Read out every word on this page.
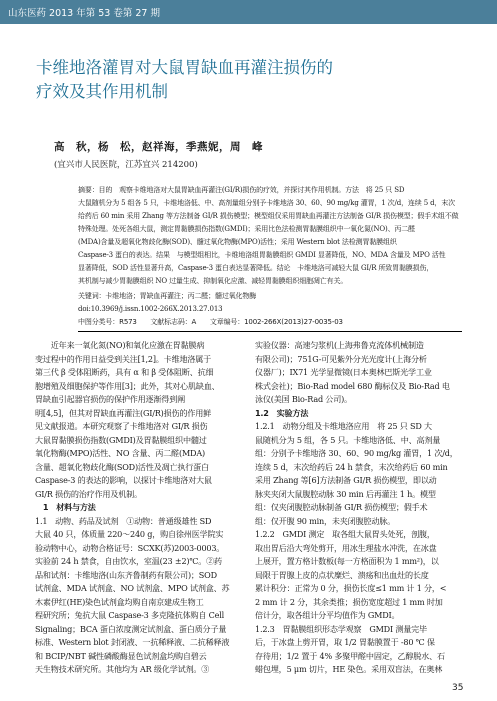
山东医药 2013 年第 53 卷第 27 期
卡维地洛灌胃对大鼠胃缺血再灌注损伤的
疗效及其作用机制
高　秋，杨　松，赵祥海，季燕妮，周　峰
(宜兴市人民医院，江苏宜兴 214200)
摘要：目的　观察卡维地洛对大鼠胃缺血再灌注(GI/R)损伤的疗效，并探讨其作用机制。方法　将 25 只 SD
大鼠随机分为 5 组各 5 只，卡维地洛低、中、高剂量组分别予卡维地洛 30、60、90 mg/kg 灌胃，1 次/d，连续 5 d，末次
给药后 60 min 采用 Zhang 等方法制备 GI/R 损伤模型；模型组仅采用胃缺血再灌注方法制备 GI/R 损伤模型；假手术组不做
特殊处理。处死各组大鼠，测定胃黏膜损伤指数(GMDI)；采用比色法检测胃黏膜组织中一氧化氮(NO)、丙二醛
(MDA)含量及超氧化物歧化酶(SOD)、髓过氧化物酶(MPO)活性；采用 Western blot 法检测胃黏膜组织
Caspase-3 蛋白的表达。结果　与模型组相比，卡维地洛组胃黏膜组织 GMDI 显著降低，NO、MDA 含量及 MPO 活性
显著降低，SOD 活性显著升高，Caspase-3 蛋白表达显著降低。结论　卡维地洛可减轻大鼠 GI/R 所致胃黏膜损伤，
其机制与减少胃黏膜组织 NO 过量生成、抑制氧化应激、减轻胃黏膜组织细胞凋亡有关。
关键词：卡维地洛；胃缺血再灌注；丙二醛；髓过氧化物酶
doi:10.3969/j.issn.1002-266X.2013.27.013
中图分类号：R573　　文献标志码：A　　文章编号：1002-266X(2013)27-0035-03
　　近年来一氧化氮(NO)和氧化应激在胃黏膜病
变过程中的作用日益受到关注[1,2]。卡维地洛属于
第三代 β 受体阻断药，具有 α 和 β 受体阻断、抗细
胞增殖及细胞保护等作用[3]；此外，其对心肌缺血、
胃缺血引起器官损伤的保护作用逐渐得到阐
明[4,5]，但其对胃缺血再灌注(GI/R)损伤的作用鲜
见文献报道。本研究观察了卡维地洛对 GI/R 损伤
大鼠胃黏膜损伤指数(GMDI)及胃黏膜组织中髓过
氧化物酶(MPO)活性、NO 含量、丙二醛(MDA)
含量、超氧化物歧化酶(SOD)活性及凋亡执行蛋白
Caspase-3 的表达的影响，以探讨卡维地洛对大鼠
GI/R 损伤的治疗作用及机制。
　1　材料与方法
1.1　动物、药品及试剂　①动物：普通级雄性 SD
大鼠 40 只，体质量 220～240 g，购自徐州医学院实
验动物中心，动物合格证号：SCXK(苏)2003-0003。
实验前 24 h 禁食，自由饮水，室温(23 ±2)℃。②药
品和试剂：卡维地洛(山东齐鲁制药有限公司)；SOD
试剂盒、MDA 试剂盒、NO 试剂盒、MPO 试剂盒、苏
木素伊红(HE)染色试剂盒均购自南京建成生物工
程研究所；兔抗大鼠 Caspase-3 多克隆抗体购自 Cell
Signaling；BCA 蛋白浓度测定试剂盒、蛋白质分子量
标准、Western blot 封闭液、一抗稀释液、二抗稀释液
和 BCIP/NBT 碱性磷酸酶显色试剂盒均购自碧云
天生物技术研究所。其他均为 AR 级化学试剂。③
实验仪器：高速匀浆机(上海弗鲁克流体机械制造
有限公司)；751G-可见紫外分光光度计(上海分析
仪器厂)；IX71 光学显微镜(日本奥林巴斯光学工业
株式会社)；Bio-Rad model 680 酶标仪及 Bio-Rad 电
泳仪(美国 Bio-Rad 公司)。
1.2　实验方法
1.2.1　动物分组及卡维地洛应用　将 25 只 SD 大
鼠随机分为 5 组，各 5 只。卡维地洛低、中、高剂量
组：分别予卡维地洛 30、60、90 mg/kg 灌胃，1 次/d，
连续 5 d，末次给药后 24 h 禁食，末次给药后 60 min
采用 Zhang 等[6]方法制备 GI/R 损伤模型，即以动
脉夹夹闭大鼠腹腔动脉 30 min 后再灌注 1 h。模型
组：仅夹闭腹腔动脉制备 GI/R 损伤模型；假手术
组：仅开腹 90 min，未夹闭腹腔动脉。
1.2.2　GMDI 测定　取各组大鼠胃头处死，剖腹，
取出胃后沿大弯处剪开，用冰生理盐水冲洗，在冰盘
上展开，置方格计数板(每一方格面积为 1 mm²)，以
局限于胃腺上皮的点状糜烂、溃疡和出血灶的长度
累计积分：正常为 0 分，损伤长度≤1 mm 计 1 分，<
2 mm 计 2 分，其余类推；损伤宽度超过 1 mm 时加
倍计分，取各组计分平均值作为 GMDI。
1.2.3　胃黏膜组织形态学观察　GMDI 测量完毕
后，于冰盘上剪开胃，取 1/2 胃黏膜置于 -80 ℃ 保
存待用；1/2 置于 4% 多聚甲醛中固定，乙醇脱水、石
蜡包埋，5 μm 切片，HE 染色。采用双盲法，在奥林
35
